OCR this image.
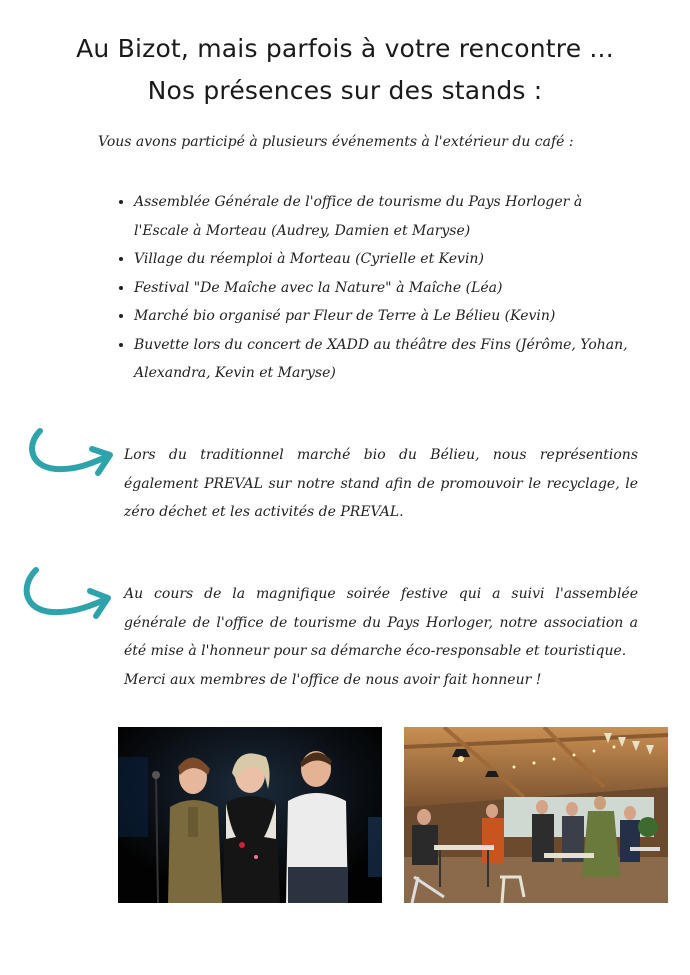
Au Bizot, mais parfois à votre rencontre ...
Nos présences sur des stands :
Vous avons participé à plusieurs événements à l'extérieur du café :
• Assemblée Générale de l'office de tourisme du Pays Horloger à l'Escale à Morteau (Audrey, Damien et Maryse)
• Village du réemploi à Morteau (Cyrielle et Kevin)
• Festival "De Maîche avec la Nature" à Maîche (Léa)
• Marché bio organisé par Fleur de Terre à Le Bélieu (Kevin)
• Buvette lors du concert de XADD au théâtre des Fins (Jérôme, Yohan, Alexandra, Kevin et Maryse)
Lors du traditionnel marché bio du Bélieu, nous représentions également PREVAL sur notre stand afin de promouvoir le recyclage, le zéro déchet et les activités de PREVAL.
Au cours de la magnifique soirée festive qui a suivi l'assemblée générale de l'office de tourisme du Pays Horloger, notre association a été mise à l'honneur pour sa démarche éco-responsable et touristique.
Merci aux membres de l'office de nous avoir fait honneur !
